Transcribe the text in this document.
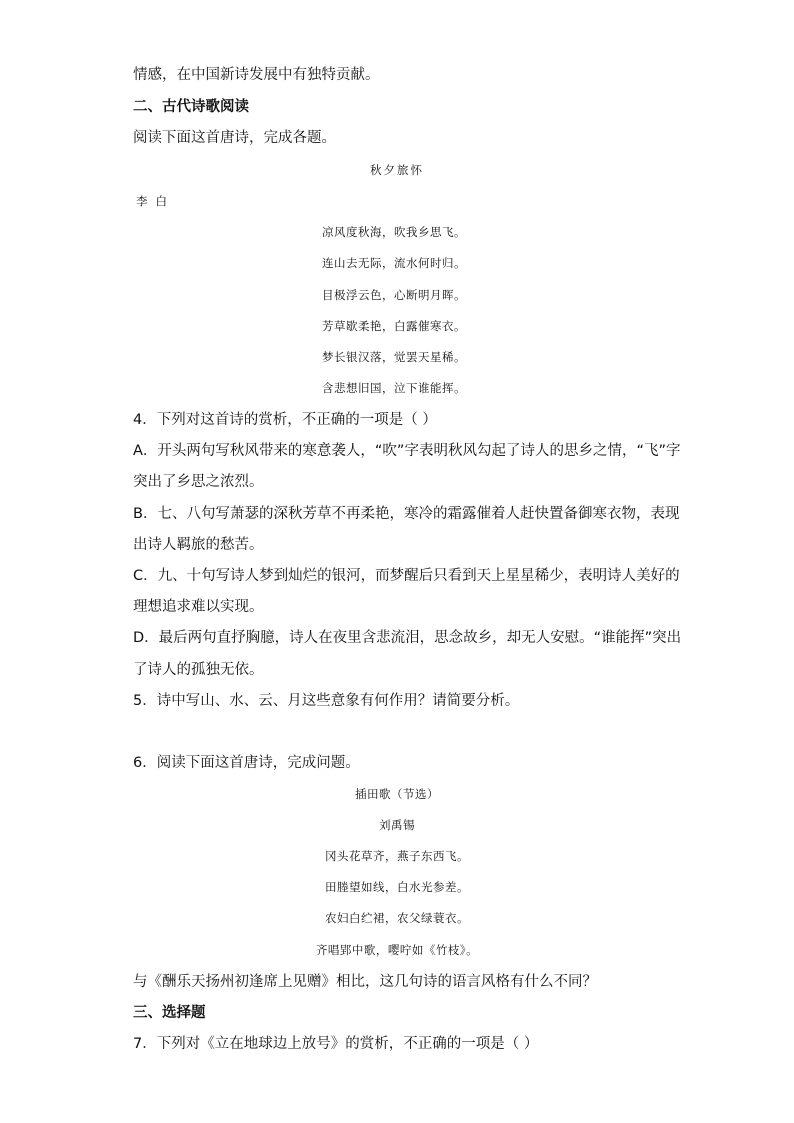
情感，在中国新诗发展中有独特贡献。
二、古代诗歌阅读
阅读下面这首唐诗，完成各题。
秋夕旅怀
李白
凉风度秋海，吹我乡思飞。
连山去无际，流水何时归。
目极浮云色，心断明月晖。
芳草歇柔艳，白露催寒衣。
梦长银汉落，觉罢天星稀。
含悲想旧国，泣下谁能挥。
4．下列对这首诗的赏析，不正确的一项是（ ）
A．开头两句写秋风带来的寒意袭人，“吹”字表明秋风勾起了诗人的思乡之情，“飞”字
突出了乡思之浓烈。
B．七、八句写萧瑟的深秋芳草不再柔艳，寒冷的霜露催着人赶快置备御寒衣物，表现
出诗人羁旅的愁苦。
C．九、十句写诗人梦到灿烂的银河，而梦醒后只看到天上星星稀少，表明诗人美好的
理想追求难以实现。
D．最后两句直抒胸臆，诗人在夜里含悲流泪，思念故乡，却无人安慰。“谁能挥”突出
了诗人的孤独无依。
5．诗中写山、水、云、月这些意象有何作用？请简要分析。
6．阅读下面这首唐诗，完成问题。
插田歌（节选）
刘禹锡
冈头花草齐，燕子东西飞。
田塍望如线，白水光参差。
农妇白纻裙，农父绿蓑衣。
齐唱郢中歌，嘤咛如《竹枝》。
与《酬乐天扬州初逢席上见赠》相比，这几句诗的语言风格有什么不同？
三、选择题
7．下列对《立在地球边上放号》的赏析，不正确的一项是（ ）
